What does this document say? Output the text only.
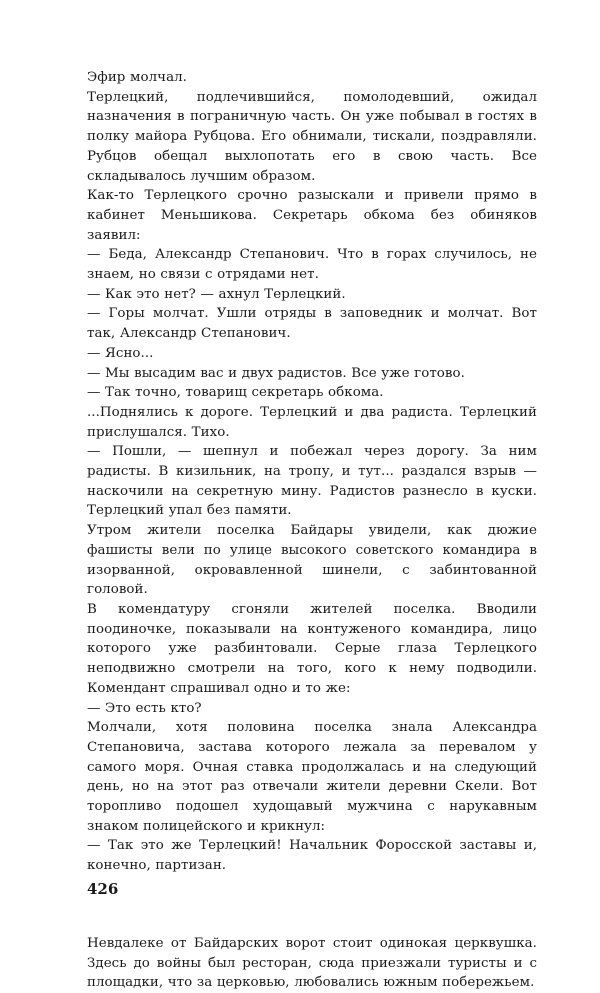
Эфир молчал.

Терлецкий, подлечившийся, помолодевший, ожидал назначения в пограничную часть. Он уже побывал в гостях в полку майора Рубцова. Его обнимали, тискали, поздравляли. Рубцов обещал выхлопотать его в свою часть. Все складывалось лучшим образом.

Как-то Терлецкого срочно разыскали и привели прямо в кабинет Меньшикова. Секретарь обкома без обиняков заявил:

— Беда, Александр Степанович. Что в горах случилось, не знаем, но связи с отрядами нет.

— Как это нет? — ахнул Терлецкий.

— Горы молчат. Ушли отряды в заповедник и молчат. Вот так, Александр Степанович.

— Ясно...

— Мы высадим вас и двух радистов. Все уже готово.

— Так точно, товарищ секретарь обкома.

...Поднялись к дороге. Терлецкий и два радиста. Терлецкий прислушался. Тихо.

— Пошли, — шепнул и побежал через дорогу. За ним радисты. В кизильник, на тропу, и тут... раздался взрыв — наскочили на секретную мину. Радистов разнесло в куски. Терлецкий упал без памяти.

Утром жители поселка Байдары увидели, как дюжие фашисты вели по улице высокого советского командира в изорванной, окровавленной шинели, с забинтованной головой.

В комендатуру сгоняли жителей поселка. Вводили поодиночке, показывали на контуженого командира, лицо которого уже разбинтовали. Серые глаза Терлецкого неподвижно смотрели на того, кого к нему подводили. Комендант спрашивал одно и то же:

— Это есть кто?

Молчали, хотя половина поселка знала Александра Степановича, застава которого лежала за перевалом у самого моря. Очная ставка продолжалась и на следующий день, но на этот раз отвечали жители деревни Скели. Вот торопливо подошел худощавый мужчина с нарукавным знаком полицейского и крикнул:

— Так это же Терлецкий! Начальник Форосской заставы и, конечно, партизан.

Невдалеке от Байдарских ворот стоит одинокая церквушка. Здесь до войны был ресторан, сюда приезжали туристы и с площадки, что за церковью, любовались южным побережьем.

426
